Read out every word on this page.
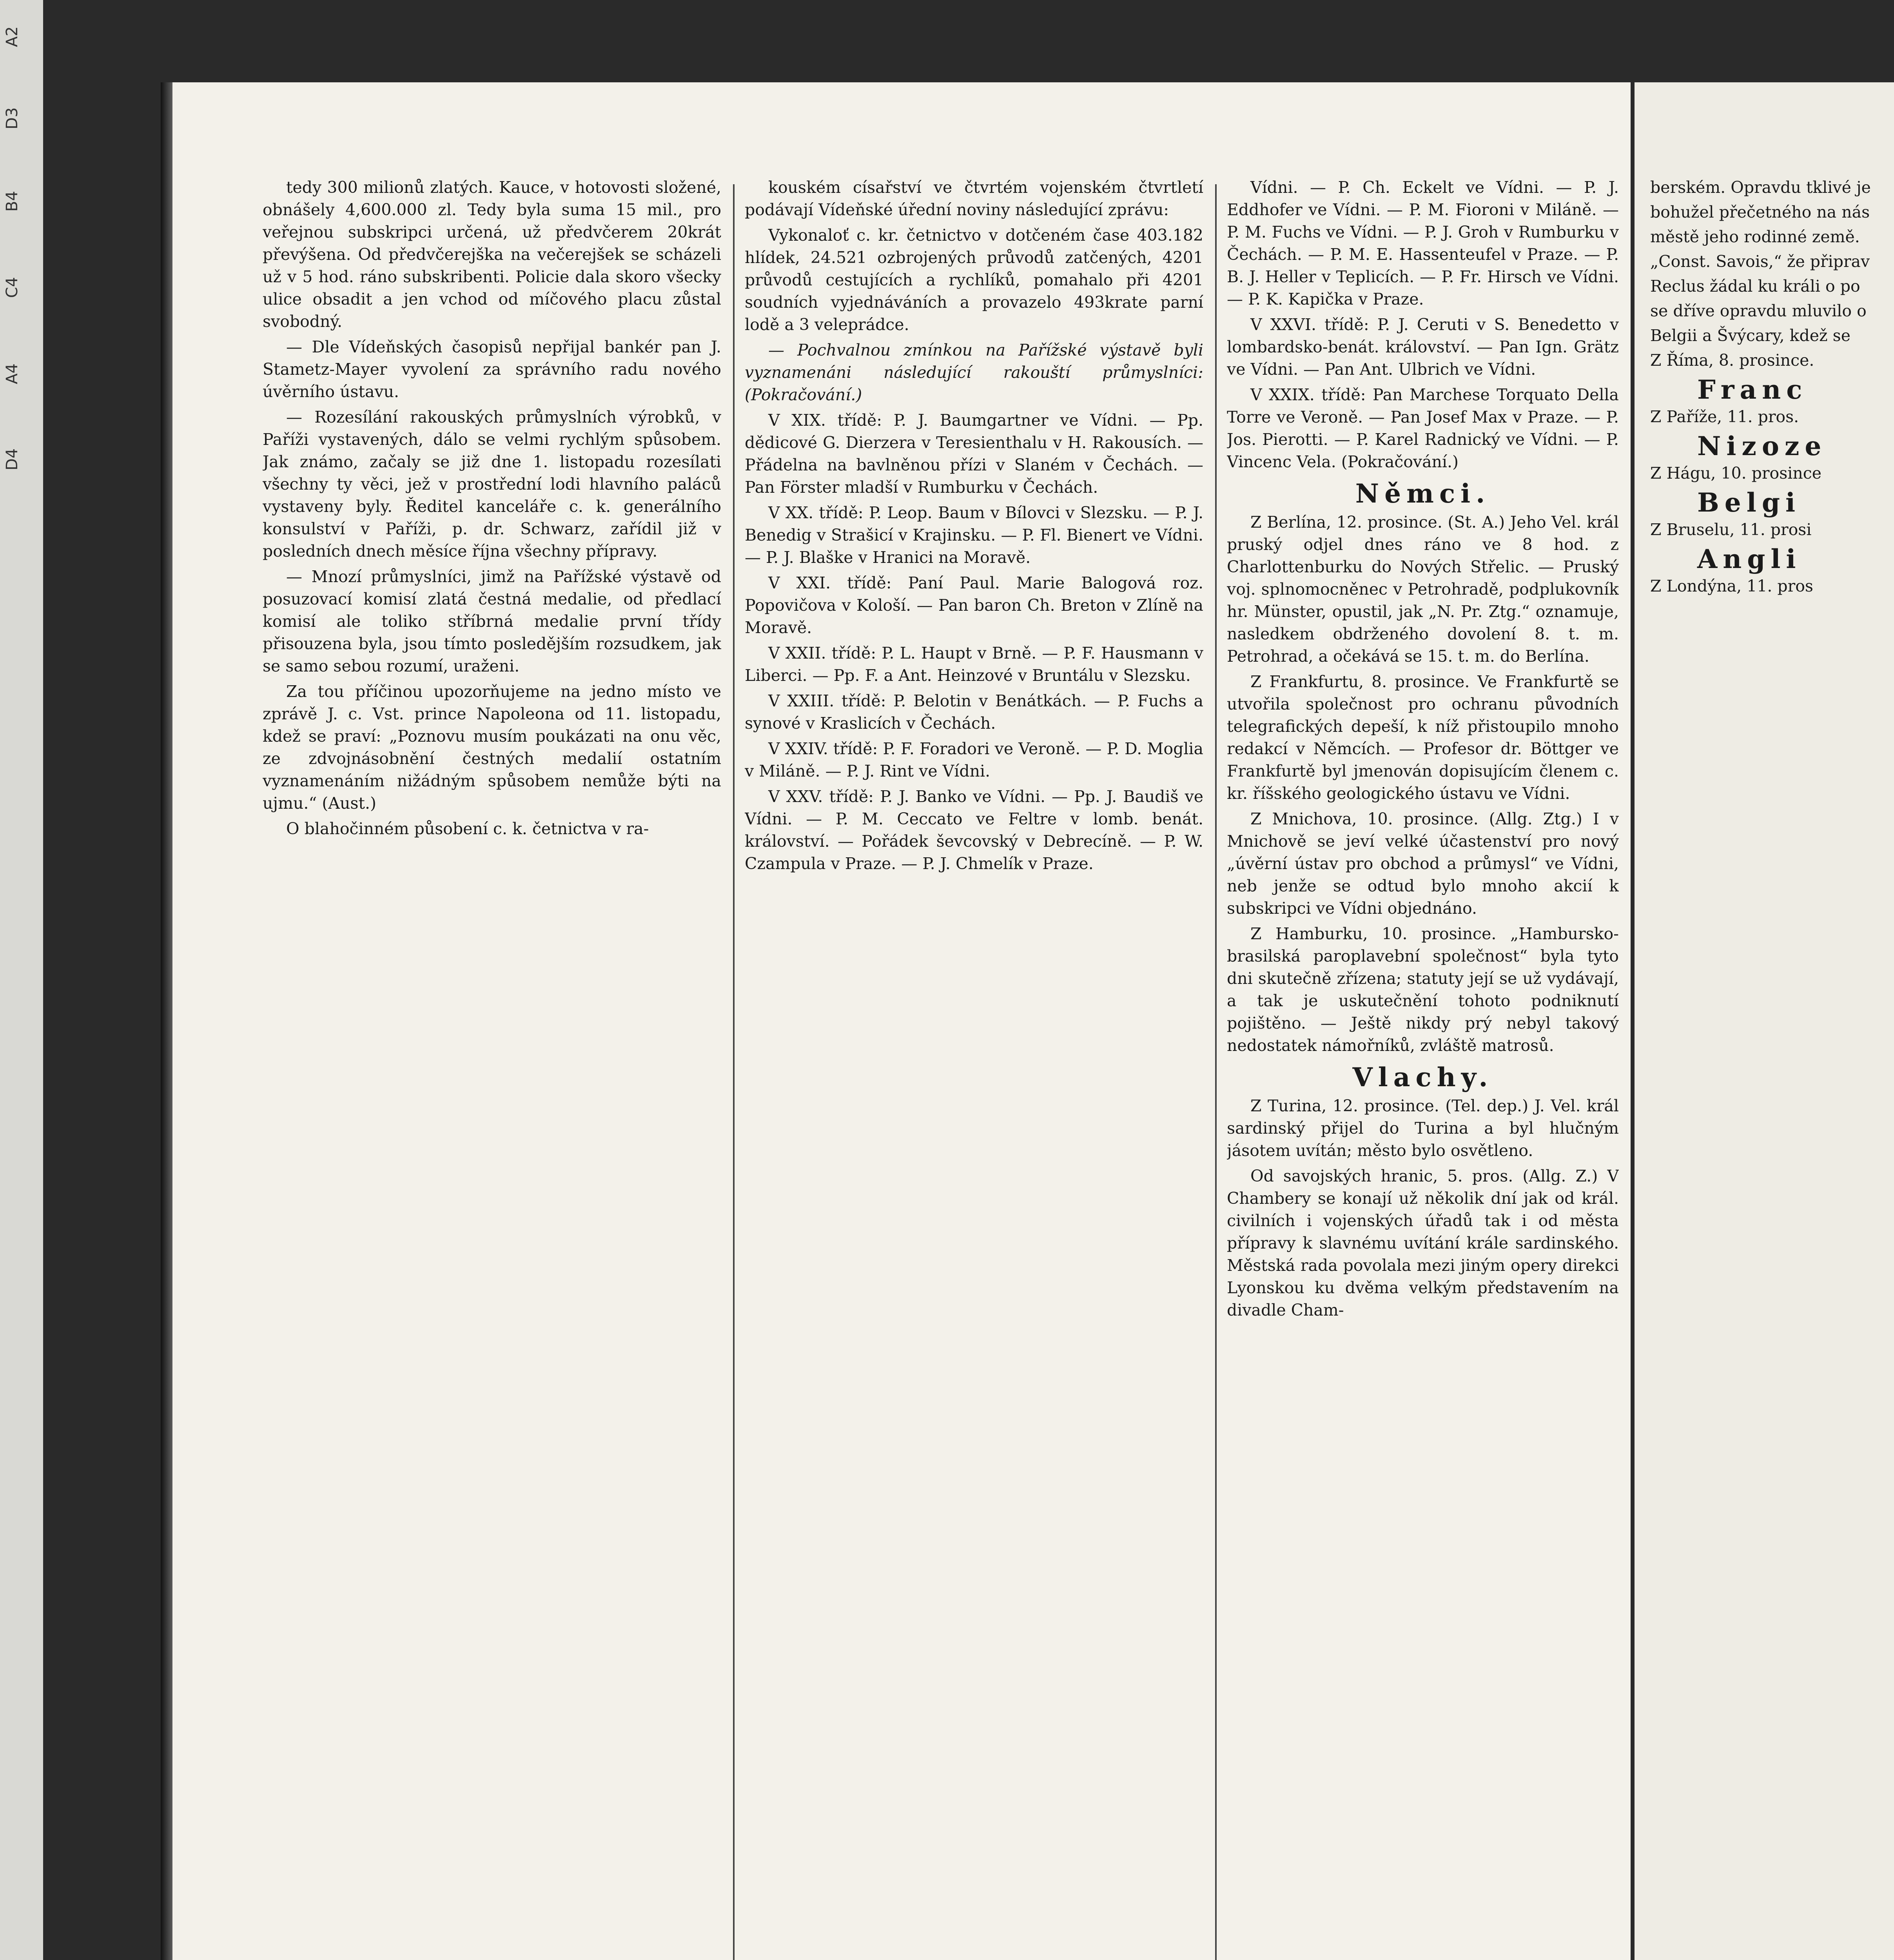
A2
D3
B4
C4
A4
D4

tedy 300 milionů zlatých. Kauce, v hotovosti složené, obnášely 4,600.000 zl. Tedy byla suma 15 mil., pro veřejnou subskripci určená, už předvčerem 20krát převýšena. Od předvčerejška na večerejšek se scházeli už v 5 hod. ráno subskribenti. Policie dala skoro všecky ulice obsadit a jen vchod od míčového placu zůstal svobodný.

— Dle Vídeňských časopisů nepřijal bankér pan J. Stametz-Mayer vyvolení za správního radu nového úvěrního ústavu.

— Rozesílání rakouských průmyslních výrobků, v Paříži vystavených, dálo se velmi rychlým spůsobem. Jak známo, začaly se již dne 1. listopadu rozesílati všechny ty věci, jež v prostřední lodi hlavního paláců vystaveny byly. Ředitel kanceláře c. k. generálního konsulství v Paříži, p. dr. Schwarz, zařídil již v posledních dnech měsíce října všechny přípravy.

— Mnozí průmyslníci, jimž na Pařížské výstavě od posuzovací komisí zlatá čestná medalie, od předlací komisí ale toliko stříbrná medalie první třídy přisouzena byla, jsou tímto posledějším rozsudkem, jak se samo sebou rozumí, uraženi.

Za tou příčinou upozorňujeme na jedno místo ve zprávě J. c. Vst. prince Napoleona od 11. listopadu, kdež se praví: „Poznovu musím poukázati na onu věc, ze zdvojnásobnění čestných medalií ostatním vyznamenáním nižádným spůsobem nemůže býti na ujmu.“ (Aust.)

O blahočinném působení c. k. četnictva v ra-

kouském císařství ve čtvrtém vojenském čtvrtletí podávají Vídeňské úřední noviny následující zprávu:

Vykonaloť c. kr. četnictvo v dotčeném čase 403.182 hlídek, 24.521 ozbrojených průvodů zatčených, 4201 průvodů cestujících a rychlíků, pomahalo při 4201 soudních vyjednáváních a provazelo 493krate parní lodě a 3 veleprádce.

— Pochvalnou zmínkou na Pařížské výstavě byli vyznamenáni následující rakouští průmyslníci: (Pokračování.)

V XIX. třídě: P. J. Baumgartner ve Vídni. — Pp. dědicové G. Dierzera v Teresienthalu v H. Rakousích. — Přádelna na bavlněnou přízi v Slaném v Čechách. — Pan Förster mladší v Rumburku v Čechách.

V XX. třídě: P. Leop. Baum v Bílovci v Slezsku. — P. J. Benedig v Strašicí v Krajinsku. — P. Fl. Bienert ve Vídni. — P. J. Blaške v Hranici na Moravě.

V XXI. třídě: Paní Paul. Marie Balogová roz. Popovičova v Kološí. — Pan baron Ch. Breton v Zlíně na Moravě.

V XXII. třídě: P. L. Haupt v Brně. — P. F. Hausmann v Liberci. — Pp. F. a Ant. Heinzové v Bruntálu v Slezsku.

V XXIII. třídě: P. Belotin v Benátkách. — P. Fuchs a synové v Kraslicích v Čechách.

V XXIV. třídě: P. F. Foradori ve Veroně. — P. D. Moglia v Miláně. — P. J. Rint ve Vídni.

V XXV. třídě: P. J. Banko ve Vídni. — Pp. J. Baudiš ve Vídni. — P. M. Ceccato ve Feltre v lomb. benát. království. — Pořádek ševcovský v Debrecíně. — P. W. Czampula v Praze. — P. J. Chmelík v Praze.

Vídni. — P. Ch. Eckelt ve Vídni. — P. J. Eddhofer ve Vídni. — P. M. Fioroni v Miláně. — P. M. Fuchs ve Vídni. — P. J. Groh v Rumburku v Čechách. — P. M. E. Hassenteufel v Praze. — P. B. J. Heller v Teplicích. — P. Fr. Hirsch ve Vídni. — P. K. Kapička v Praze.

V XXVI. třídě: P. J. Ceruti v S. Benedetto v lombardsko-benát. království. — Pan Ign. Grätz ve Vídni. — Pan Ant. Ulbrich ve Vídni.

V XXIX. třídě: Pan Marchese Torquato Della Torre ve Veroně. — Pan Josef Max v Praze. — P. Jos. Pierotti. — P. Karel Radnický ve Vídni. — P. Vincenc Vela. (Pokračování.)

Němci.

Z Berlína, 12. prosince. (St. A.) Jeho Vel. král pruský odjel dnes ráno ve 8 hod. z Charlottenburku do Nových Střelic. — Pruský voj. splnomocněnec v Petrohradě, podplukovník hr. Münster, opustil, jak „N. Pr. Ztg.“ oznamuje, nasledkem obdrženého dovolení 8. t. m. Petrohrad, a očekává se 15. t. m. do Berlína.

Z Frankfurtu, 8. prosince. Ve Frankfurtě se utvořila společnost pro ochranu původních telegrafických depeší, k níž přistoupilo mnoho redakcí v Němcích. — Profesor dr. Böttger ve Frankfurtě byl jmenován dopisujícím členem c. kr. říšského geologického ústavu ve Vídni.

Z Mnichova, 10. prosince. (Allg. Ztg.) I v Mnichově se jeví velké účastenství pro nový „úvěrní ústav pro obchod a průmysl“ ve Vídni, neb jenže se odtud bylo mnoho akcií k subskripci ve Vídni objednáno.

Z Hamburku, 10. prosince. „Hambursko-brasilská paroplavební společnost“ byla tyto dni skutečně zřízena; statuty její se už vydávají, a tak je uskutečnění tohoto podniknutí pojištěno. — Ještě nikdy prý nebyl takový nedostatek námořníků, zvláště matrosů.

Vlachy.

Z Turina, 12. prosince. (Tel. dep.) J. Vel. král sardinský přijel do Turina a byl hlučným jásotem uvítán; město bylo osvětleno.

Od savojských hranic, 5. pros. (Allg. Z.) V Chambery se konají už několik dní jak od král. civilních i vojenských úřadů tak i od města přípravy k slavnému uvítání krále sardinského. Městská rada povolala mezi jiným opery direkci Lyonskou ku dvěma velkým představením na divadle Cham-

berském. Opravdu tklivé je

bohužel přečetného na nás

městě jeho rodinné země.

„Const. Savois,“ že připrav

Reclus žádal ku králi o po

se dříve opravdu mluvilo o

Belgii a Švýcary, kdež se

Z Říma, 8. prosince.

Franc

Z Paříže, 11. pros.

Nizoze

Z Hágu, 10. prosince

Belgi

Z Bruselu, 11. prosi

Angli

Z Londýna, 11. pros
